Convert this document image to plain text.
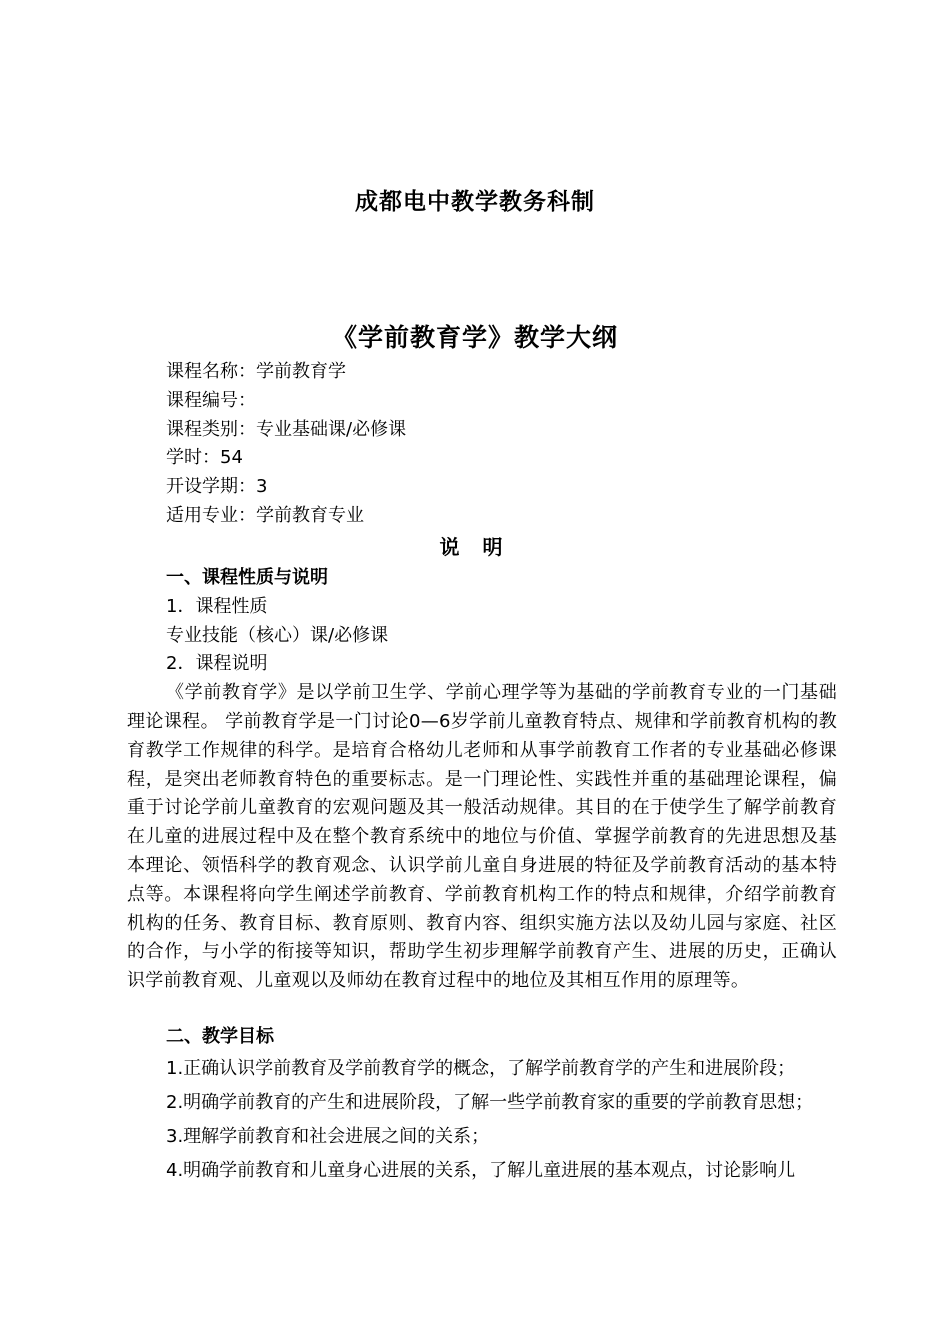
成都电中教学教务科制
《学前教育学》教学大纲
课程名称：学前教育学
课程编号：
课程类别：专业基础课/必修课
学时：54
开设学期：3
适用专业：学前教育专业
说 明
一、课程性质与说明
1．课程性质
专业技能（核心）课/必修课
2．课程说明

《学前教育学》是以学前卫生学、学前心理学等为基础的学前教育专业的一门基础理论课程。 学前教育学是一门讨论0—6岁学前儿童教育特点、规律和学前教育机构的教育教学工作规律的科学。是培育合格幼儿老师和从事学前教育工作者的专业基础必修课程，是突出老师教育特色的重要标志。是一门理论性、实践性并重的基础理论课程，偏重于讨论学前儿童教育的宏观问题及其一般活动规律。其目的在于使学生了解学前教育在儿童的进展过程中及在整个教育系统中的地位与价值、掌握学前教育的先进思想及基本理论、领悟科学的教育观念、认识学前儿童自身进展的特征及学前教育活动的基本特点等。本课程将向学生阐述学前教育、学前教育机构工作的特点和规律，介绍学前教育机构的任务、教育目标、教育原则、教育内容、组织实施方法以及幼儿园与家庭、社区的合作，与小学的衔接等知识，帮助学生初步理解学前教育产生、进展的历史，正确认识学前教育观、儿童观以及师幼在教育过程中的地位及其相互作用的原理等。

二、教学目标
1.正确认识学前教育及学前教育学的概念，了解学前教育学的产生和进展阶段；
2.明确学前教育的产生和进展阶段，了解一些学前教育家的重要的学前教育思想；
3.理解学前教育和社会进展之间的关系；
4.明确学前教育和儿童身心进展的关系，了解儿童进展的基本观点，讨论影响儿
